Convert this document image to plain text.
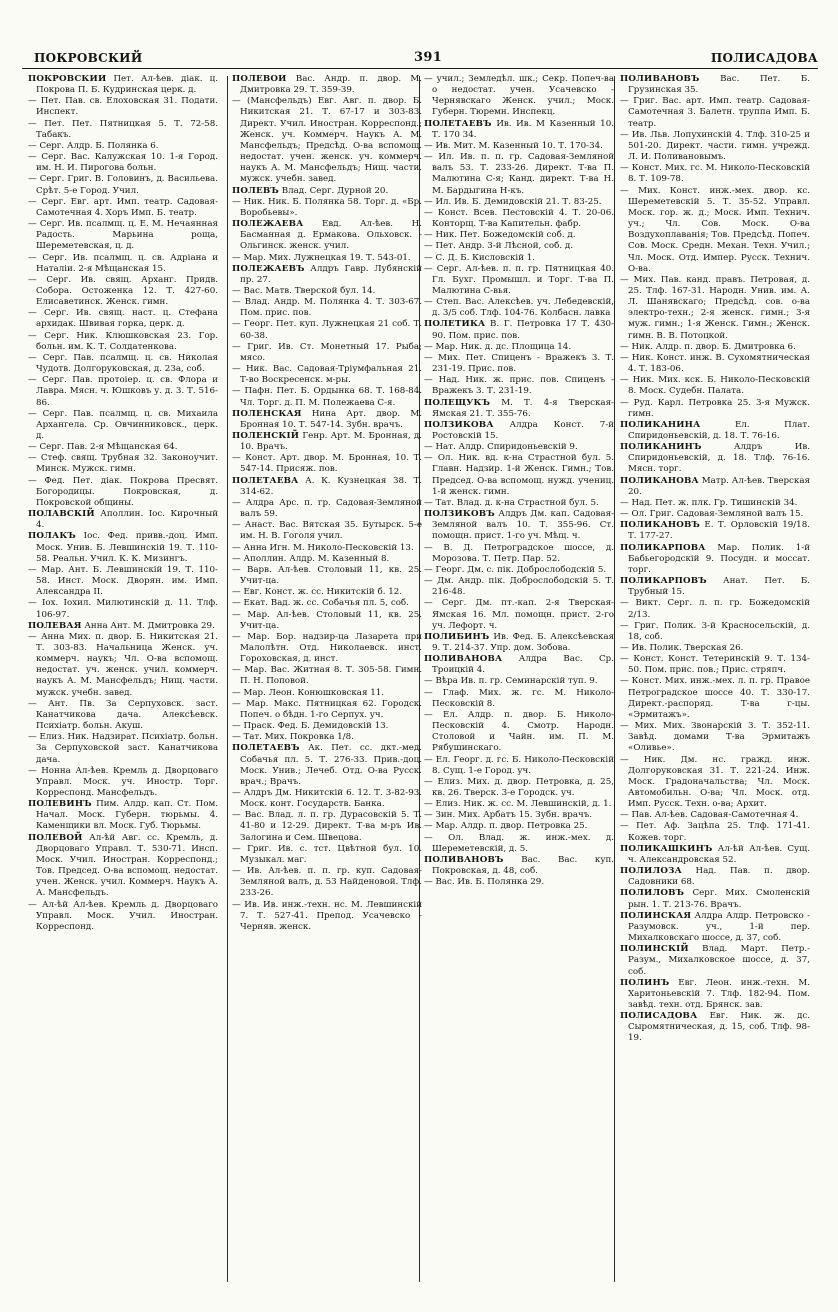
ПОКРОВСКИЙ	391	ПОЛИСАДОВА
ПОКРОВСКИЙ Пет. Ал-ѣев. діак. ц. Покрова П. Б. Кудринская церк. д.
— Пет. Пав. св. Елоховская 31. Подати. Инспект.
— Пет. Пет. Пятницкая 5. Т. 72-58. Табакъ.
— Серг. Алдр. Б. Полянка 6.
— Серг. Вас. Калужская 10. 1-я Город. им. Н. И. Пирогова больн.
— Серг. Григ. В. Головинъ, д. Васильева. Срѣт. 5-е Город. Учил.
— Серг. Евг. арт. Имп. театр. Садовая-Самотечная 4. Хоръ Имп. Б. театр.
— Серг. Ив. псалмщ. ц. Е. М. Нечаянная Радость. Марьина роща, Шереметевская, ц. д.
— Серг. Ив. псалмщ. ц. св. Адріана и Наталіи. 2-я Мѣщанская 15.
— Серг. Ив. свящ. Арханг. Придв. Собора. Остоженка 12. Т. 427-60. Елисаветинск. Женск. гимн.
— Серг. Ив. свящ. наст. ц. Стефана архидак. Швивая горка, церк. д.
— Серг. Ник. Клюшковская 23. Гор. больн. им. К. Т. Солдатенкова.
— Серг. Пав. псалмщ. ц. св. Николая Чудотв. Долгоруковская, д. 23а, соб.
— Серг. Пав. протоіер. ц. св. Флора и Лавра. Мясн. ч. Юшковъ у. д. 3. Т. 516-86.
— Серг. Пав. псалмщ. ц. св. Михаила Архангела. Ср. Овчинниковск., церк. д.
— Серг. Пав. 2-я Мѣщанская 64.
— Стеф. свящ. Трубная 32. Законоучит. Минск. Мужск. гимн.
— Фед. Пет. діак. Покрова Пресвят. Богородицы. Покровская, д. Покровской общины.
ПОЛАВСКІЙ Аполлин. Іос. Кирочный 4.
ПОЛАКЪ Іос. Фед. привв.-доц. Имп. Моск. Унив. Б. Левшинскій 19. Т. 110-58. Реальн. Учил. К. К. Мизингъ.
— Мар. Ант. Б. Левшинскій 19. Т. 110-58. Инст. Моск. Дворян. им. Имп. Александра II.
— Іох. Іохил. Милютинскій д. 11. Тлф. 106-97.
ПОЛЕВАЯ Анна Ант. М. Дмитровка 29.
— Анна Мих. п. двор. Б. Никитская 21. Т. 303-83. Начальница Женск. уч. коммерч. наукъ; Чл. О-ва вспомощ. недостат. уч. женск. учил. коммерч. наукъ А. М. Мансфельдъ; Нищ. части. мужск. учебн. завед.
— Ант. Пв. За Серпуховск. заст. Канатчикова дача. Алексѣевск. Психіатр. больн. Акуш.
— Елиз. Ник. Надзират. Психіатр. больн. За Серпуховской заст. Канатчикова дача.
— Нонна Ал-ѣев. Кремль д. Дворцоваго Управл. Моск. уч. Иностр. Торг. Корреспонд. Мансфельдъ.
ПОЛЕВИНЪ Пим. Алдр. кап. Ст. Пом. Начал. Моск. Губерн. тюрьмы. 4. Каменщики вл. Моск. Губ. Тюрьмы.
ПОЛЕВОЙ Ал-ѣй Авг. сс. Кремль, д. Дворцоваго Управл. Т. 530-71. Инсп. Моск. Учил. Иностран. Корреспонд.; Тов. Председ. О-ва вспомощ. недостат. учен. Женск. учил. Коммерч. Наукъ А. А. Мансфельдъ.
— Ал-ѣй Ал-ѣев. Кремль д. Дворцоваго Управл. Моск. Учил. Иностран. Корреспонд.
ПОЛЕВОЙ Вас. Андр. п. двор. М. Дмитровка 29. Т. 359-39.
— (Мансфельдъ) Евг. Авг. п. двор. Б. Никитская 21. Т. 67-17 и 303-83. Директ. Учил. Иностран. Корреспонд.; Женск. уч. Коммерч. Наукъ А. М. Мансфельдъ; Предсѣд. О-ва вспомощ. недостат. учен. женск. уч. коммерч. наукъ А. М. Мансфельдъ; Нищ. части. мужск. учебн. завед.
ПОЛЕВЪ Влад. Серг. Дурной 20.
— Ник. Ник. Б. Полянка 58. Торг. д. «Бр. Воробьевы».
ПОЛЕЖАЕВА Евд. Ал-ѣев. Н. Басманная д. Ермакова. Ольховск. - Ольгинск. женск. учил.
— Мар. Мих. Лужнецкая 19. Т. 543-01.
ПОЛЕЖАЕВЪ Алдръ Гавр. Лубянскій пр. 27.
— Вас. Матв. Тверской бул. 14.
— Влад. Андр. М. Полянка 4. Т. 303-67. Пом. прис. пов.
— Георг. Пет. куп. Лужнецкая 21 соб. Т. 60-38.
— Григ. Ив. Ст. Монетный 17. Рыба; мясо.
— Ник. Вас. Садовая-Тріумфальная 21. Т-во Воскресенск. м-ры.
— Пафн. Пет. Б. Ордынка 68. Т. 168-84. Чл. Торг. д. П. М. Полежаева С-я.
ПОЛЕНСКАЯ Нина Арт. двор. М. Бронная 10. Т. 547-14. Зубн. врачъ.
ПОЛЕНСКІЙ Генр. Арт. М. Бронная, д. 10. Врачъ.
— Конст. Арт. двор. М. Бронная, 10. Т. 547-14. Присяж. пов.
ПОЛЕТАЕВА А. К. Кузнецкая 38. Т. 314-62.
— Алдра Арс. п. гр. Садовая-Земляной валъ 59.
— Анаст. Вас. Вятская 35. Бутырск. 5-е им. Н. В. Гоголя учил.
— Анна Игн. М. Николо-Песковскій 13.
— Аполлин. Алдр. М. Казенный 8.
— Варв. Ал-ѣев. Столовый 11, кв. 25. Учит-ца.
— Евг. Конст. ж. сс. Никитскій б. 12.
— Екат. Вад. ж. сс. Собачья пл. 5, соб.
— Мар. Ал-ѣев. Столовый 11, кв. 25. Учит-ца.
— Мар. Бор. надзир-ца Лазарета при Малолѣтн. Отд. Николаевск. инст. Гороховская, д. инст.
— Мар. Вас. Житная 8. Т. 305-58. Гимн. П. Н. Поповой.
— Мар. Леон. Конюшковская 11.
— Мар. Макс. Пятницкая 62. Городск. Попеч. о бѣдн. 1-го Серпух. уч.
— Праск. Фед. Б. Демидовскій 13.
— Тат. Мих. Покровка 1/8.
ПОЛЕТАЕВЪ Ак. Пет. сс. дкт.-мед. Собачья пл. 5. Т. 276-33. Прив.-доц. Моск. Унив.; Лечеб. Отд. О-ва Русск. врач.; Врачъ.
— Алдръ Дм. Никитскій 6. 12. Т. 3-82-93. Моск. конт. Государств. Банка.
— Вас. Влад. л. п. гр. Дурасовскій 5. Т. 41-80 и 12-29. Директ. Т-ва м-ръ Ив. Залогина и Сем. Швецова.
— Григ. Ив. с. тст. Цвѣтной бул. 10. Музыкал. маг.
— Ив. Ал-ѣев. п. п. гр. куп. Садовая-Земляной валъ, д. 53 Найденовой. Тлф. 233-26.
— Ив. Ив. инж.-техн. нс. М. Левшинскій 7. Т. 527-41. Препод. Усачевско - Черняв. женск.
— учил.; Земледѣл. шк.; Секр. Попеч-ва о недостат. учен. Усачевско - Чернявскаго Женск. учил.; Моск. Губерн. Тюремн. Инспекц.
ПОЛЕТАЕВЪ Ив. Ив. М Казенный 10. Т. 170 34.
— Ив. Мит. М. Казенный 10. Т. 170-34.
— Ил. Ив. п. п. гр. Садовая-Земляной валъ 53. Т. 233-26. Директ. Т-ва П. Малютина С-я; Канд. директ. Т-ва Н. М. Бардыгина Н-къ.
— Ил. Ив. Б. Демидовскій 21. Т. 83-25.
— Конст. Всев. Пестовскій 4. Т. 20-06. Конторщ. Т-ва Капительн. фабр.
— Ник. Пет. Божедомскій соб. д.
— Пет. Андр. 3-й Лѣсной, соб. д.
— С. Д. Б. Кисловскій 1.
— Серг. Ал-ѣев. п. п. гр. Пятницкая 40. Гл. Бухг. Промышл. и Торг. Т-ва П. Малютина С-вья.
— Степ. Вас. Алексѣев. уч. Лебедевскій, д. 3/5 соб. Тлф. 104-76. Колбасн. лавка
ПОЛЕТИКА В. Г. Петровка 17 Т. 430-90. Пом. прис. пов.
— Мар. Ник. д. дс. Площица 14.
— Мих. Пет. Спиценъ - Вражекъ 3. Т. 231-19. Прис. пов.
— Над. Ник. ж. прис. пов. Спиценъ - Вражекъ 3. Т. 231-19.
ПОЛЕЩУКЪ М. Т. 4-я Тверская-Ямская 21. Т. 355-76.
ПОЛЗИКОВА Алдра Конст. 7-й Ростовскій 15.
— Нат. Алдр. Спиридоньевскій 9.
— Ол. Ник. вд. к-на Страстной бул. 5. Главн. Надзир. 1-й Женск. Гимн.; Тов. Председ. О-ва вспомощ. нужд. учениц. 1-й женск. гимн.
— Тат. Влад. д. к-на Страстной бул. 5.
ПОЛЗИКОВЪ Алдръ Дм. кап. Садовая-Земляной валъ 10. Т. 355-96. Ст. помощн. прист. 1-го уч. Мѣщ. ч.
— В. Д. Петроградское шоссе, д. Морозова. Т. Петр. Пар. 52.
— Георг. Дм. с. пік. Доброслободскій 5.
— Дм. Андр. пік. Доброслободскій 5. Т. 216-48.
— Серг. Дм. пт.-кап. 2-я Тверская-Ямская 16. Мл. помощн. прист. 2-го уч. Лефорт. ч.
ПОЛИБИНЪ Ив. Фед. Б. Алексѣевская 9. Т. 214-37. Упр. дом. Зобова.
ПОЛИВАНОВА Алдра Вас. Ср. Троицкій 4.
— Вѣра Ив. п. гр. Семинарскій туп. 9.
— Глаф. Мих. ж. гс. М. Николо-Песковскій 8.
— Ел. Алдр. п. двор. Б. Николо-Песковскій 4. Смотр. Народн. Столовой и Чайн. им. П. М. Рябушинскаго.
— Ел. Георг. д. гс. Б. Николо-Песковскій 8. Сущ. 1-е Город. уч.
— Елиз. Мих. д. двор. Петровка, д. 25, кв. 26. Тверск. 3-е Городск. уч.
— Елиз. Ник. ж. сс. М. Левшинскій, д. 1.
— Зин. Мих. Арбатъ 15. Зубн. врачъ.
— Мар. Алдр. п. двор. Петровка 25.
— Ол. Влад. ж. инж.-мех. д. Шереметевскій, д. 5.
ПОЛИВАНОВЪ Вас. Вас. куп. Покровская, д. 48, соб.
— Вас. Ив. Б. Полянка 29.
ПОЛИВАНОВЪ Вас. Пет. Б. Грузинская 35.
— Григ. Вас. арт. Имп. театр. Садовая-Самотечная 3. Балетн. труппа Имп. Б. театр.
— Ив. Льв. Лопухинскій 4. Тлф. 310-25 и 501-20. Директ. части. гимн. учрежд. Л. И. Поливановымъ.
— Конст. Мих. гс. М. Николо-Песковскій 8. Т. 109-78.
— Мих. Конст. инж.-мех. двор. кс. Шереметевскій 5. Т. 35-52. Управл. Моск. гор. ж. д.; Моск. Имп. Технич. уч.; Чл. Сов. Моск. О-ва Воздухоплаванія; Тов. Предсѣд. Попеч. Сов. Моск. Средн. Механ. Техн. Учил.; Чл. Моск. Отд. Импер. Русск. Технич. О-ва.
— Мих. Пав. канд. правъ. Петровая, д. 25. Тлф. 167-31. Народн. Унив. им. А. Л. Шанявскаго; Предсѣд. сов. о-ва электро-техн.; 2-я женск. гимн.; 3-я муж. гимн.; 1-я Женск. Гимн.; Женск. гимн. В. В. Потоцкой.
— Ник. Алдр. п. двор. Б. Дмитровка 6.
— Ник. Конст. инж. В. Сухомятническая 4. Т. 183-06.
— Ник. Мих. кск. Б. Николо-Песковскій 8. Моск. Судебн. Палата.
— Руд. Карл. Петровка 25. 3-я Мужск. гимн.
ПОЛИКАНИНА	Ел. Плат. Спиридоньевскій, д. 18. Т. 76-16.
ПОЛИКАНИНЪ	Алдръ Ив. Спиридоньевскій, д. 18. Тлф. 76-16. Мясн. торг.
ПОЛИКАНОВА Матр. Ал-ѣев. Тверская 20.
— Над. Пет. ж. плк. Гр. Тишинскій 34.
— Ол. Григ. Садовая-Земляной валъ 15.
ПОЛИКАНОВЪ Е. Т. Орловскій 19/18. Т. 177-27.
ПОЛИКАРПОВА Мар. Полик. 1-й Бабьегородскій 9. Посудн. и моссат. торг.
ПОЛИКАРПОВЪ Анат. Пет. Б. Трубный 15.
— Викт. Серг. л. п. гр. Божедомскій 2/13.
— Григ. Полик. 3-й Красносельскій, д. 18, соб.
— Ив. Полик. Тверская 26.
— Конст. Конст. Тетеринскій 9. Т. 134-50. Пом. прис. пов.; Прис. стряпч.
— Конст. Мих. инж.-мех. л. п. гр. Правое Петроградское шоссе 40. Т. 330-17. Директ.-распоряд. Т-ва г-цы. «Эрмитажъ».
— Мих. Мих. Звонарскій 3. Т. 352-11. Завѣд. домами Т-ва Эрмитажъ «Оливье».
— Ник. Дм. нс. гражд. инж. Долгоруковская 31. Т. 221-24. Инж. Моск. Градоначальства; Чл. Моск. Автомобильн. О-ва; Чл. Моск. отд. Имп. Русск. Техн. о-ва; Архит.
— Пав. Ал-ѣев. Садовая-Самотечная 4.
— Пет. Аф. Зацѣпа 25. Тлф. 171-41. Кожев. торг.
ПОЛИКАШКИНЪ Ал-ѣй Ал-ѣев. Сущ. ч. Александровская 52.
ПОЛИЛОЗА Над. Пав. п. двор. Садовники 68.
ПОЛИЛОВЪ Серг. Мих. Смоленскій рын. 1. Т. 213-76. Врачъ.
ПОЛИНСКАЯ Алдра Алдр. Петровско - Разумовск. уч., 1-й пер. Михалковскаго шоссе, д. 37, соб.
ПОЛИНСКІЙ Влад. Март. Петр.-Разум., Михалковское шоссе, д. 37, соб.
ПОЛИНЪ Евг. Леон. инж.-техн. М. Харитоньевскій 7. Тлф. 182-94. Пом. завѣд. техн. отд. Брянск. зав.
ПОЛИСАДОВА Евг. Ник. ж. дс. Сыромятническая, д. 15, соб. Тлф. 98-19.
